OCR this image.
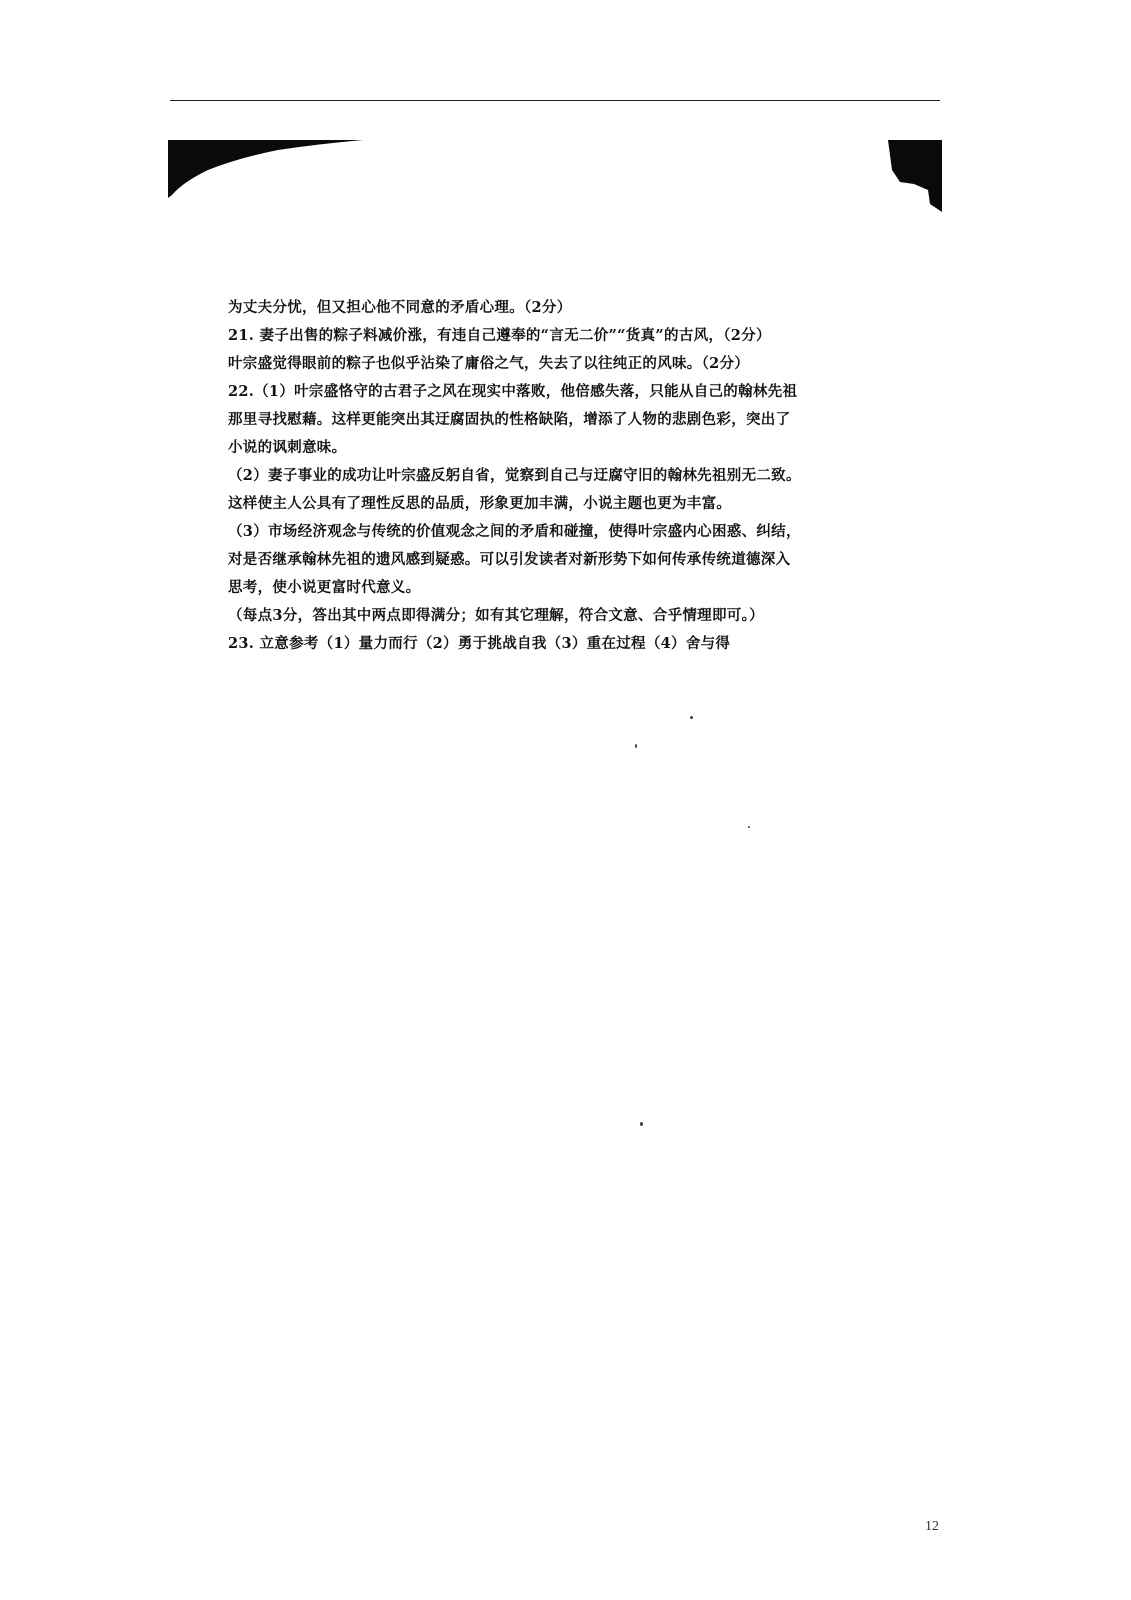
为丈夫分忧，但又担心他不同意的矛盾心理。（2分）
21. 妻子出售的粽子料减价涨，有违自己遵奉的“言无二价”“货真”的古风，（2分）
叶宗盛觉得眼前的粽子也似乎沾染了庸俗之气，失去了以往纯正的风味。（2分）
22.（1）叶宗盛恪守的古君子之风在现实中落败，他倍感失落，只能从自己的翰林先祖
那里寻找慰藉。这样更能突出其迂腐固执的性格缺陷，增添了人物的悲剧色彩，突出了
小说的讽刺意味。
（2）妻子事业的成功让叶宗盛反躬自省，觉察到自己与迂腐守旧的翰林先祖别无二致。
这样使主人公具有了理性反思的品质，形象更加丰满，小说主题也更为丰富。
（3）市场经济观念与传统的价值观念之间的矛盾和碰撞，使得叶宗盛内心困惑、纠结，
对是否继承翰林先祖的遗风感到疑惑。可以引发读者对新形势下如何传承传统道德深入
思考，使小说更富时代意义。
（每点3分，答出其中两点即得满分；如有其它理解，符合文意、合乎情理即可。）
23. 立意参考（1）量力而行（2）勇于挑战自我（3）重在过程（4）舍与得
12
